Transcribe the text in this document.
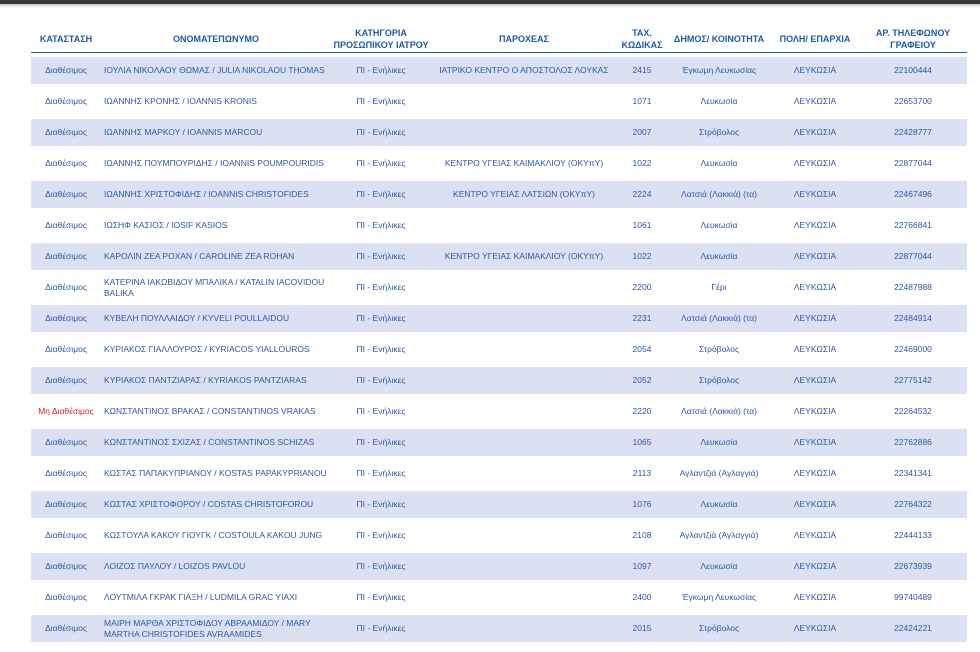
ΚΑΤΑΣΤΑΣΗ	ΟΝΟΜΑΤΕΠΩΝΥΜΟ	ΚΑΤΗΓΟΡΙΑ ΠΡΟΣΩΠΙΚΟΥ ΙΑΤΡΟΥ	ΠΑΡΟΧΕΑΣ	ΤΑΧ. ΚΩΔΙΚΑΣ	ΔΗΜΟΣ/ ΚΟΙΝΟΤΗΤΑ	ΠΟΛΗ/ ΕΠΑΡΧΙΑ	ΑΡ. ΤΗΛΕΦΩΝΟΥ ΓΡΑΦΕΙΟΥ
Διαθέσιμος	ΙΟΥΛΙΑ ΝΙΚΟΛΑΟΥ ΘΩΜΑΣ / JULIA NIKOLAOU THOMAS	ΠΙ - Ενήλικες	ΙΑΤΡΙΚΟ ΚΕΝΤΡΟ Ο ΑΠΟΣΤΟΛΟΣ ΛΟΥΚΑΣ	2415	Έγκωμη Λευκωσίας	ΛΕΥΚΩΣΙΑ	22100444
Διαθέσιμος	ΙΩΑΝΝΗΣ ΚΡΟΝΗΣ / IOANNIS KRONIS	ΠΙ - Ενήλικες		1071	Λευκωσία	ΛΕΥΚΩΣΙΑ	22653700
Διαθέσιμος	ΙΩΑΝΝΗΣ ΜΑΡΚΟΥ / IOANNIS MARCOU	ΠΙ - Ενήλικες		2007	Στρόβολος	ΛΕΥΚΩΣΙΑ	22428777
Διαθέσιμος	ΙΩΑΝΝΗΣ ΠΟΥΜΠΟΥΡΙΔΗΣ / IOANNIS POUMPOURIDIS	ΠΙ - Ενήλικες	ΚΕΝΤΡΟ ΥΓΕΙΑΣ ΚΑΙΜΑΚΛΙΟΥ (ΟΚΥπΥ)	1022	Λευκωσία	ΛΕΥΚΩΣΙΑ	22877044
Διαθέσιμος	ΙΩΑΝΝΗΣ ΧΡΙΣΤΟΦΙΔΗΣ / IOANNIS CHRISTOFIDES	ΠΙ - Ενήλικες	ΚΕΝΤΡΟ ΥΓΕΙΑΣ ΛΑΤΣΙΩΝ (ΟΚΥπΥ)	2224	Λατσιά (Λακκιά) (τα)	ΛΕΥΚΩΣΙΑ	22467496
Διαθέσιμος	ΙΩΣΗΦ ΚΑΣΙΟΣ / IOSIF KASIOS	ΠΙ - Ενήλικες		1061	Λευκωσία	ΛΕΥΚΩΣΙΑ	22766841
Διαθέσιμος	ΚΑΡΟΛΙΝ ΖΕΑ ΡΟΧΑΝ / CAROLINE ZEA ROHAN	ΠΙ - Ενήλικες	ΚΕΝΤΡΟ ΥΓΕΙΑΣ ΚΑΙΜΑΚΛΙΟΥ (ΟΚΥπΥ)	1022	Λευκωσία	ΛΕΥΚΩΣΙΑ	22877044
Διαθέσιμος	ΚΑΤΕΡΙΝΑ ΙΑΚΩΒΙΔΟΥ ΜΠΑΛΙΚΑ / KATALIN IACOVIDOU BALIKA	ΠΙ - Ενήλικες		2200	Γέρι	ΛΕΥΚΩΣΙΑ	22487988
Διαθέσιμος	ΚΥΒΕΛΗ ΠΟΥΛΛΑΙΔΟΥ / KYVELI POULLAIDOU	ΠΙ - Ενήλικες		2231	Λατσιά (Λακκιά) (τα)	ΛΕΥΚΩΣΙΑ	22484914
Διαθέσιμος	ΚΥΡΙΑΚΟΣ ΓΙΑΛΛΟΥΡΟΣ / KYRIACOS YIALLOUROS	ΠΙ - Ενήλικες		2054	Στρόβολος	ΛΕΥΚΩΣΙΑ	22469000
Διαθέσιμος	ΚΥΡΙΑΚΟΣ ΠΑΝΤΖΙΑΡΑΣ / KYRIAKOS PANTZIARAS	ΠΙ - Ενήλικες		2052	Στρόβολος	ΛΕΥΚΩΣΙΑ	22775142
Μη Διαθέσιμος	ΚΩΝΣΤΑΝΤΙΝΟΣ ΒΡΑΚΑΣ / CONSTANTINOS VRAKAS	ΠΙ - Ενήλικες		2220	Λατσιά (Λακκιά) (τα)	ΛΕΥΚΩΣΙΑ	22264532
Διαθέσιμος	ΚΩΝΣΤΑΝΤΙΝΟΣ ΣΧΙΖΑΣ / CONSTANTINOS SCHIZAS	ΠΙ - Ενήλικες		1065	Λευκωσία	ΛΕΥΚΩΣΙΑ	22762886
Διαθέσιμος	ΚΩΣΤΑΣ ΠΑΠΑΚΥΠΡΙΑΝΟΥ / KOSTAS PAPAKYPRIANOU	ΠΙ - Ενήλικες		2113	Αγλαντζιά (Αγλαγγιά)	ΛΕΥΚΩΣΙΑ	22341341
Διαθέσιμος	ΚΩΣΤΑΣ ΧΡΙΣΤΟΦΟΡΟΥ / COSTAS CHRISTOFOROU	ΠΙ - Ενήλικες		1076	Λευκωσία	ΛΕΥΚΩΣΙΑ	22764322
Διαθέσιμος	ΚΩΣΤΟΥΛΑ ΚΑΚΟΥ ΓΙΟΥΓΚ / COSTOULA KAKOU JUNG	ΠΙ - Ενήλικες		2108	Αγλαντζιά (Αγλαγγιά)	ΛΕΥΚΩΣΙΑ	22444133
Διαθέσιμος	ΛΟΙΖΟΣ ΠΑΥΛΟΥ / LOIZOS PAVLOU	ΠΙ - Ενήλικες		1097	Λευκωσία	ΛΕΥΚΩΣΙΑ	22673939
Διαθέσιμος	ΛΟΥΤΜΙΛΑ ΓΚΡΑΚ ΓΙΑΞΗ / LUDMILA GRAC YIAXI	ΠΙ - Ενήλικες		2400	Έγκωμη Λευκωσίας	ΛΕΥΚΩΣΙΑ	99740489
Διαθέσιμος	ΜΑΙΡΗ ΜΑΡΘΑ ΧΡΙΣΤΟΦΙΔΟΥ ΑΒΡΑΑΜΙΔΟΥ / MARY MARTHA CHRISTOFIDES AVRAAMIDES	ΠΙ - Ενήλικες		2015	Στρόβολος	ΛΕΥΚΩΣΙΑ	22424221
